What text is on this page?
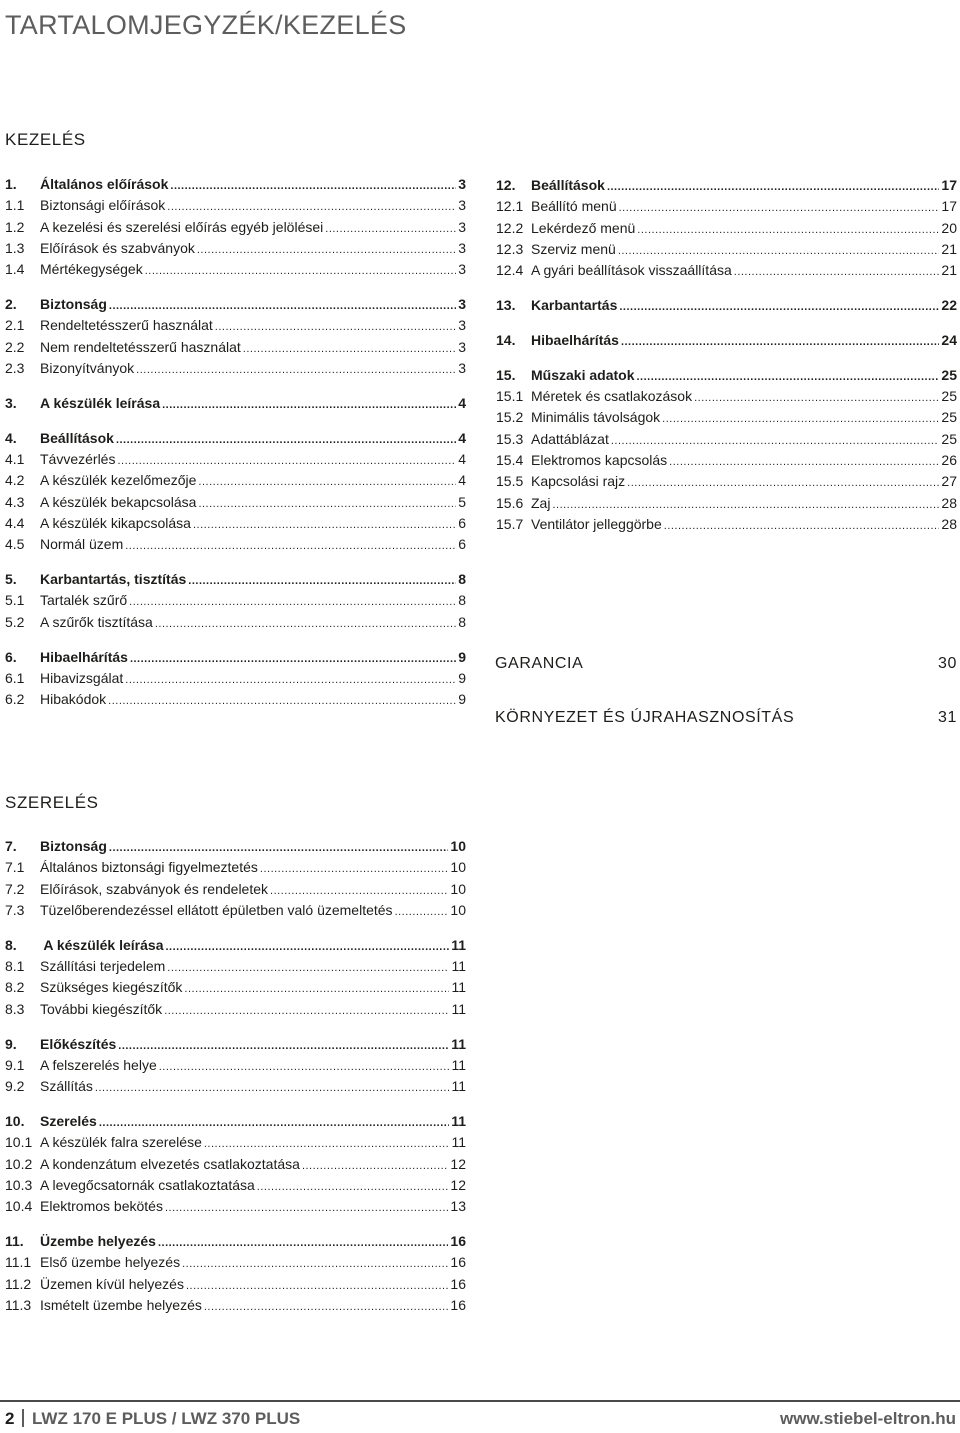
TARTALOMJEGYZÉK/KEZELÉS
KEZELÉS
SZERELÉS
1.	Általános előírások .....	3
1.1	Biztonsági előírások .....	3
1.2	A kezelési és szerelési előírás egyéb jelölései .....	3
1.3	Előírások és szabványok .....	3
1.4	Mértékegységek .....	3
2.	Biztonság .....	3
2.1	Rendeltetésszerű használat .....	3
2.2	Nem rendeltetésszerű használat .....	3
2.3	Bizonyítványok .....	3
3.	A készülék leírása .....	4
4.	Beállítások .....	4
4.1	Távvezérlés .....	4
4.2	A készülék kezelőmezője .....	4
4.3	A készülék bekapcsolása .....	5
4.4	A készülék kikapcsolása .....	6
4.5	Normál üzem .....	6
5.	Karbantartás, tisztítás .....	8
5.1	Tartalék szűrő .....	8
5.2	A szűrők tisztítása .....	8
6.	Hibaelhárítás .....	9
6.1	Hibavizsgálat .....	9
6.2	Hibakódok .....	9
12.	Beállítások .....	17
12.1 Beállító menü .....	17
12.2 Lekérdező menü .....	20
12.3 Szerviz menü .....	21
12.4 A gyári beállítások visszaállítása .....	21
13.	Karbantartás .....	22
14.	Hibaelhárítás .....	24
15.	Műszaki adatok .....	25
15.1 Méretek és csatlakozások .....	25
15.2 Minimális távolságok .....	25
15.3 Adattáblázat .....	25
15.4 Elektromos kapcsolás .....	26
15.5 Kapcsolási rajz .....	27
15.6 Zaj .....	28
15.7 Ventilátor jelleggörbe .....	28
7.	Biztonság .....	10
7.1	Általános biztonsági figyelmeztetés .....	10
7.2	Előírások, szabványok és rendeletek .....	10
7.3	Tüzelőberendezéssel ellátott épületben való üzemeltetés .....	10
8.	A készülék leírása .....	11
8.1	Szállítási terjedelem .....	11
8.2	Szükséges kiegészítők .....	11
8.3	További kiegészítők .....	11
9.	Előkészítés .....	11
9.1	A felszerelés helye .....	11
9.2	Szállítás .....	11
10.	Szerelés .....	11
10.1 A készülék falra szerelése .....	11
10.2 A kondenzátum elvezetés csatlakoztatása .....	12
10.3 A levegőcsatornák csatlakoztatása .....	12
10.4 Elektromos bekötés .....	13
11.	Üzembe helyezés .....	16
11.1 Első üzembe helyezés .....	16
11.2 Üzemen kívül helyezés .....	16
11.3 Ismételt üzembe helyezés .....	16
GARANCIA	30
KÖRNYEZET ÉS ÚJRAHASZNOSÍTÁS	31
2 LWZ 170 E PLUS / LWZ 370 PLUS	www.stiebel-eltron.hu
